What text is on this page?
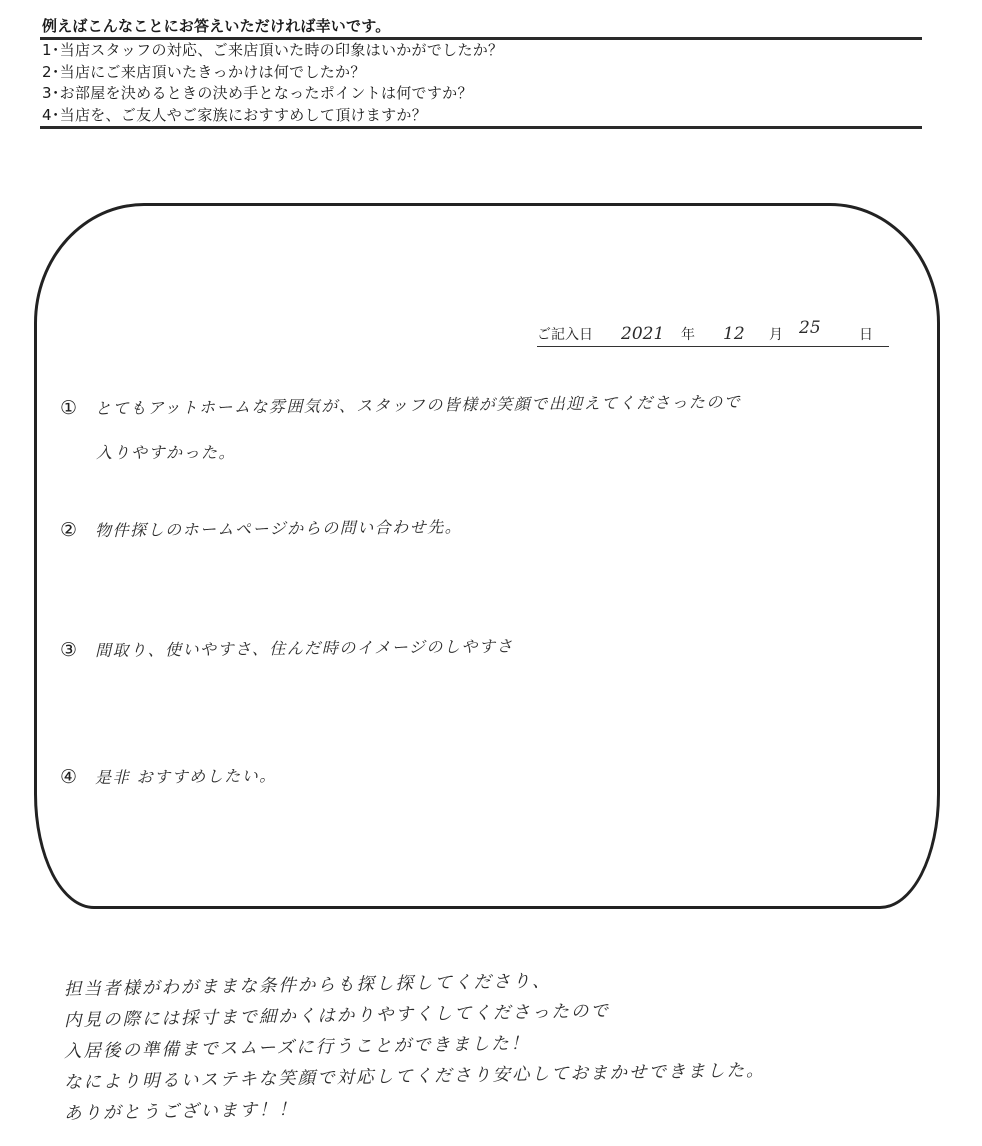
例えばこんなことにお答えいただければ幸いです。
1･当店スタッフの対応、ご来店頂いた時の印象はいかがでしたか？
2･当店にご来店頂いたきっかけは何でしたか？
3･お部屋を決めるときの決め手となったポイントは何ですか？
4･当店を、ご友人やご家族におすすめして頂けますか？
ご記入日 2021 年 12 月 25	日
① とてもアットホームな雰囲気が、スタッフの皆様が笑顔で出迎えてくださったので
入りやすかった。
② 物件探しのホームページからの問い合わせ先。
③ 間取り、使いやすさ、住んだ時のイメージのしやすさ
④ 是非 おすすめしたい。
担当者様がわがままな条件からも探し探してくださり、
内見の際には採寸まで細かくはかりやすくしてくださったので
入居後の準備までスムーズに行うことができました！
なにより明るいステキな笑顔で対応してくださり安心しておまかせできました。
ありがとうございます！！
